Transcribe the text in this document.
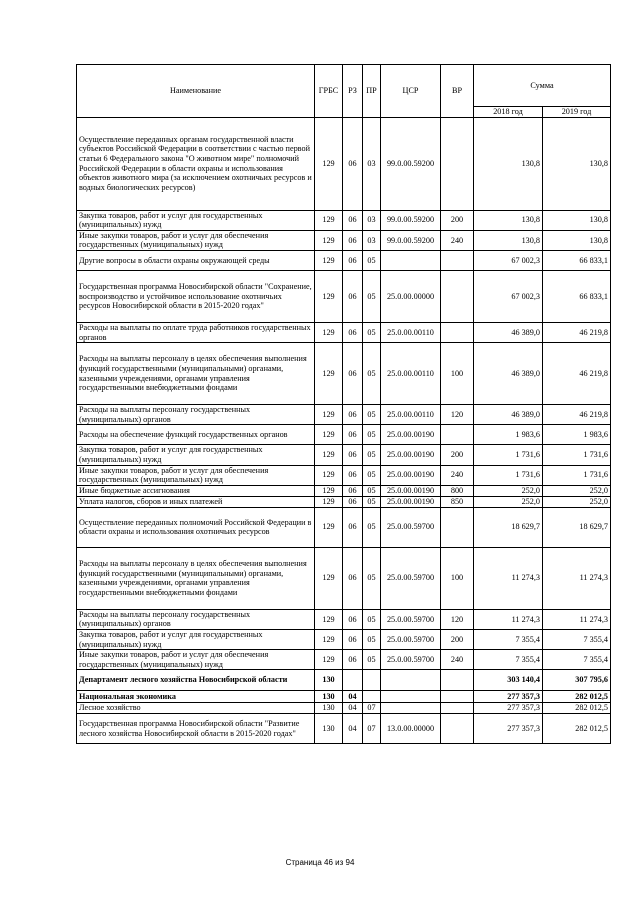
Наименование	ГРБС	РЗ	ПР	ЦСР	ВР	Сумма	
						2018 год	2019 год
Осуществление переданных органам государственной власти субъектов Российской Федерации в соответствии с частью первой статьи 6 Федерального закона "О животном мире" полномочий Российской Федерации в области охраны и использования объектов животного мира (за исключением охотничьих ресурсов и водных биологических ресурсов)	129	06	03	99.0.00.59200		130,8	130,8
Закупка товаров, работ и услуг для государственных (муниципальных) нужд	129	06	03	99.0.00.59200	200	130,8	130,8
Иные закупки товаров, работ и услуг для обеспечения государственных (муниципальных) нужд	129	06	03	99.0.00.59200	240	130,8	130,8
Другие вопросы в области охраны окружающей среды	129	06	05			67 002,3	66 833,1
Государственная программа Новосибирской области "Сохранение, воспроизводство и устойчивое использование охотничьих ресурсов Новосибирской области в 2015-2020 годах"	129	06	05	25.0.00.00000		67 002,3	66 833,1
Расходы на выплаты по оплате труда работников государственных органов	129	06	05	25.0.00.00110		46 389,0	46 219,8
Расходы на выплаты персоналу в целях обеспечения выполнения функций государственными (муниципальными) органами, казенными учреждениями, органами управления государственными внебюджетными фондами	129	06	05	25.0.00.00110	100	46 389,0	46 219,8
Расходы на выплаты персоналу государственных (муниципальных) органов	129	06	05	25.0.00.00110	120	46 389,0	46 219,8
Расходы на обеспечение функций государственных органов	129	06	05	25.0.00.00190		1 983,6	1 983,6
Закупка товаров, работ и услуг для государственных (муниципальных) нужд	129	06	05	25.0.00.00190	200	1 731,6	1 731,6
Иные закупки товаров, работ и услуг для обеспечения государственных (муниципальных) нужд	129	06	05	25.0.00.00190	240	1 731,6	1 731,6
Иные бюджетные ассигнования	129	06	05	25.0.00.00190	800	252,0	252,0
Уплата налогов, сборов и иных платежей	129	06	05	25.0.00.00190	850	252,0	252,0
Осуществление переданных полномочий Российской Федерации в области охраны и использования охотничьих ресурсов	129	06	05	25.0.00.59700		18 629,7	18 629,7
Расходы на выплаты персоналу в целях обеспечения выполнения функций государственными (муниципальными) органами, казенными учреждениями, органами управления государственными внебюджетными фондами	129	06	05	25.0.00.59700	100	11 274,3	11 274,3
Расходы на выплаты персоналу государственных (муниципальных) органов	129	06	05	25.0.00.59700	120	11 274,3	11 274,3
Закупка товаров, работ и услуг для государственных (муниципальных) нужд	129	06	05	25.0.00.59700	200	7 355,4	7 355,4
Иные закупки товаров, работ и услуг для обеспечения государственных (муниципальных) нужд	129	06	05	25.0.00.59700	240	7 355,4	7 355,4
Департамент лесного хозяйства Новосибирской области	130					303 140,4	307 795,6
Национальная экономика	130	04				277 357,3	282 012,5
Лесное хозяйство	130	04	07			277 357,3	282 012,5
Государственная программа Новосибирской области "Развитие лесного хозяйства Новосибирской области в 2015-2020 годах"	130	04	07	13.0.00.00000		277 357,3	282 012,5
Страница 46 из 94
